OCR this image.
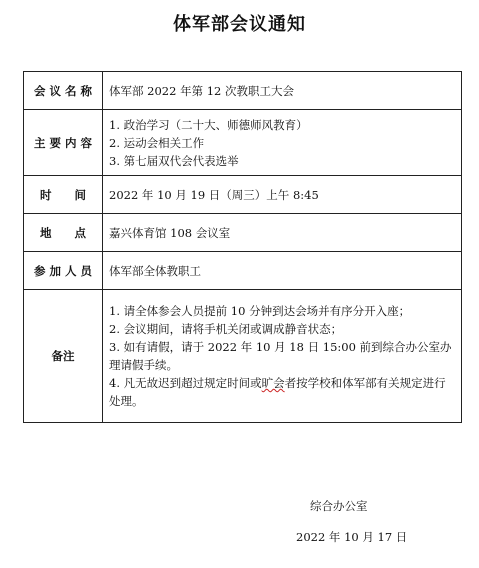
体军部会议通知
会议名称	体军部 2022 年第 12 次教职工大会

主要内容	1. 政治学习（二十大、师德师风教育）
2. 运动会相关工作
3. 第七届双代会代表选举

时　　间	2022 年 10 月 19 日（周三）上午 8:45

地　　点	嘉兴体育馆 108 会议室

参加人员	体军部全体教职工

备注	1. 请全体参会人员提前 10 分钟到达会场并有序分开入座；
2. 会议期间，请将手机关闭或调成静音状态；
3. 如有请假，请于 2022 年 10 月 18 日 15:00 前到综合办公室办理请假手续。
4. 凡无故迟到超过规定时间或旷会者按学校和体军部有关规定进行处理。
综合办公室
2022 年 10 月 17 日
